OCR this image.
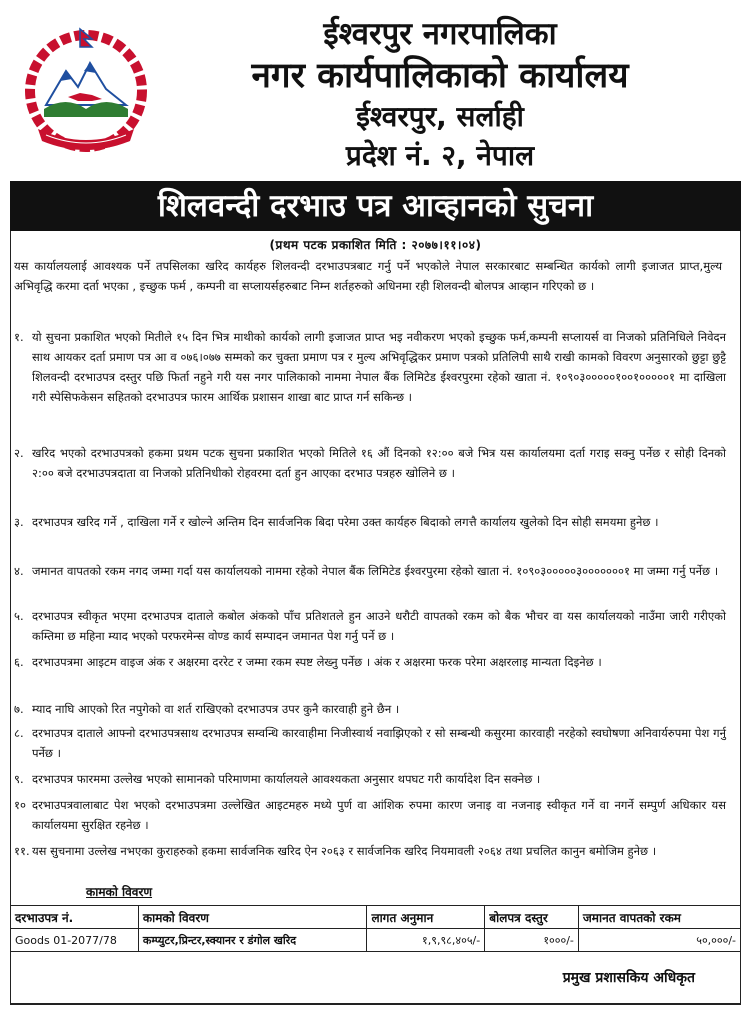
ईश्वरपुर नगरपालिका
नगर कार्यपालिकाको कार्यालय
ईश्वरपुर, सर्लाही
प्रदेश नं. २, नेपाल
शिलवन्दी दरभाउ पत्र आव्हानको सुचना
(प्रथम पटक प्रकाशित मिति : २०७७।११।०४)
यस कार्यालयलाई आवश्यक पर्ने तपसिलका खरिद कार्यहरु शिलवन्दी दरभाउपत्रबाट गर्नु पर्ने भएकोले नेपाल सरकारबाट सम्बन्धित कार्यको लागी इजाजत प्राप्त,मुल्य अभिवृद्धि करमा दर्ता भएका , इच्छुक फर्म , कम्पनी वा सप्लायर्सहरुबाट निम्न शर्तहरुको अधिनमा रही शिलवन्दी बोलपत्र आव्हान गरिएको छ ।
१. यो सुचना प्रकाशित भएको मितीले १५ दिन भित्र माथीको कार्यको लागी इजाजत प्राप्त भइ नवीकरण भएको इच्छुक फर्म,कम्पनी सप्लायर्स वा निजको प्रतिनिधिले निवेदन साथ आयकर दर्ता प्रमाण पत्र आ व ०७६।०७७ सम्मको कर चुक्ता प्रमाण पत्र र मुल्य अभिवृद्धिकर प्रमाण पत्रको प्रतिलिपी साथै राखी कामको विवरण अनुसारको छुट्टा छुट्टै शिलवन्दी दरभाउपत्र दस्तुर पछि फिर्ता नहुने गरी यस नगर पालिकाको नाममा नेपाल बैंक लिमिटेड ईश्वरपुरमा रहेको खाता नं. १०९०३०००००१००१०००००१ मा दाखिला गरी स्पेसिफकेसन सहितको दरभाउपत्र फारम आर्थिक प्रशासन शाखा बाट प्राप्त गर्न सकिन्छ ।
२. खरिद भएको दरभाउपत्रको हकमा प्रथम पटक सुचना प्रकाशित भएको मितिले १६ औं दिनको १२:०० बजे भित्र यस कार्यालयमा दर्ता गराइ सक्नु पर्नेछ र सोही दिनको २:०० बजे दरभाउपत्रदाता वा निजको प्रतिनिधीको रोहवरमा दर्ता हुन आएका दरभाउ पत्रहरु खोलिने छ ।
३. दरभाउपत्र खरिद गर्ने , दाखिला गर्ने र खोल्ने अन्तिम दिन सार्वजनिक बिदा परेमा उक्त कार्यहरु बिदाको लगत्तै कार्यालय खुलेको दिन सोही समयमा हुनेछ ।
४. जमानत वापतको रकम नगद जम्मा गर्दा यस कार्यालयको नाममा रहेको नेपाल बैंक लिमिटेड ईश्वरपुरमा रहेको खाता नं. १०९०३०००००३०००००००१ मा जम्मा गर्नु पर्नेछ ।
५. दरभाउपत्र स्वीकृत भएमा दरभाउपत्र दाताले कबोल अंकको पाँच प्रतिशतले हुन आउने धरौटी वापतको रकम को बैक भौचर वा यस कार्यालयको नाउँमा जारी गरीएको कम्तिमा छ महिना म्याद भएको परफरमेन्स वोण्ड कार्य सम्पादन जमानत पेश गर्नु पर्ने छ ।
६. दरभाउपत्रमा आइटम वाइज अंक र अक्षरमा दररेट र जम्मा रकम स्पष्ट लेख्नु पर्नेछ । अंक र अक्षरमा फरक परेमा अक्षरलाइ मान्यता दिइनेछ ।
७. म्याद नाघि आएको रित नपुगेको वा शर्त राखिएको दरभाउपत्र उपर कुनै कारवाही हुने छैन ।
८. दरभाउपत्र दाताले आफ्नो दरभाउपत्रसाथ दरभाउपत्र सम्वन्धि कारवाहीमा निजीस्वार्थ नवाझिएको र सो सम्बन्धी कसुरमा कारवाही नरहेको स्वघोषणा अनिवार्यरुपमा पेश गर्नु पर्नेछ ।
९. दरभाउपत्र फारममा उल्लेख भएको सामानको परिमाणमा कार्यालयले आवश्यकता अनुसार थपघट गरी कार्यादेश दिन सक्नेछ ।
१० दरभाउपत्रवालाबाट पेश भएको दरभाउपत्रमा उल्लेखित आइटमहरु मध्ये पुर्ण वा आंशिक रुपमा कारण जनाइ वा नजनाइ स्वीकृत गर्ने वा नगर्ने सम्पुर्ण अधिकार यस कार्यालयमा सुरक्षित रहनेछ ।
११. यस सुचनामा उल्लेख नभएका कुराहरुको हकमा सार्वजनिक खरिद ऐन २०६३ र सार्वजनिक खरिद नियमावली २०६४ तथा प्रचलित कानुन बमोजिम हुनेछ ।
कामको विवरण
दरभाउपत्र नं.	कामको विवरण	लागत अनुमान	बोलपत्र दस्तुर	जमानत वापतको रकम
Goods 01-2077/78	कम्प्युटर,प्रिन्टर,स्क्यानर र डंगोल खरिद	१,९,९८,४०५/-	१०००/-	५०,०००/-
प्रमुख प्रशासकिय अधिकृत
